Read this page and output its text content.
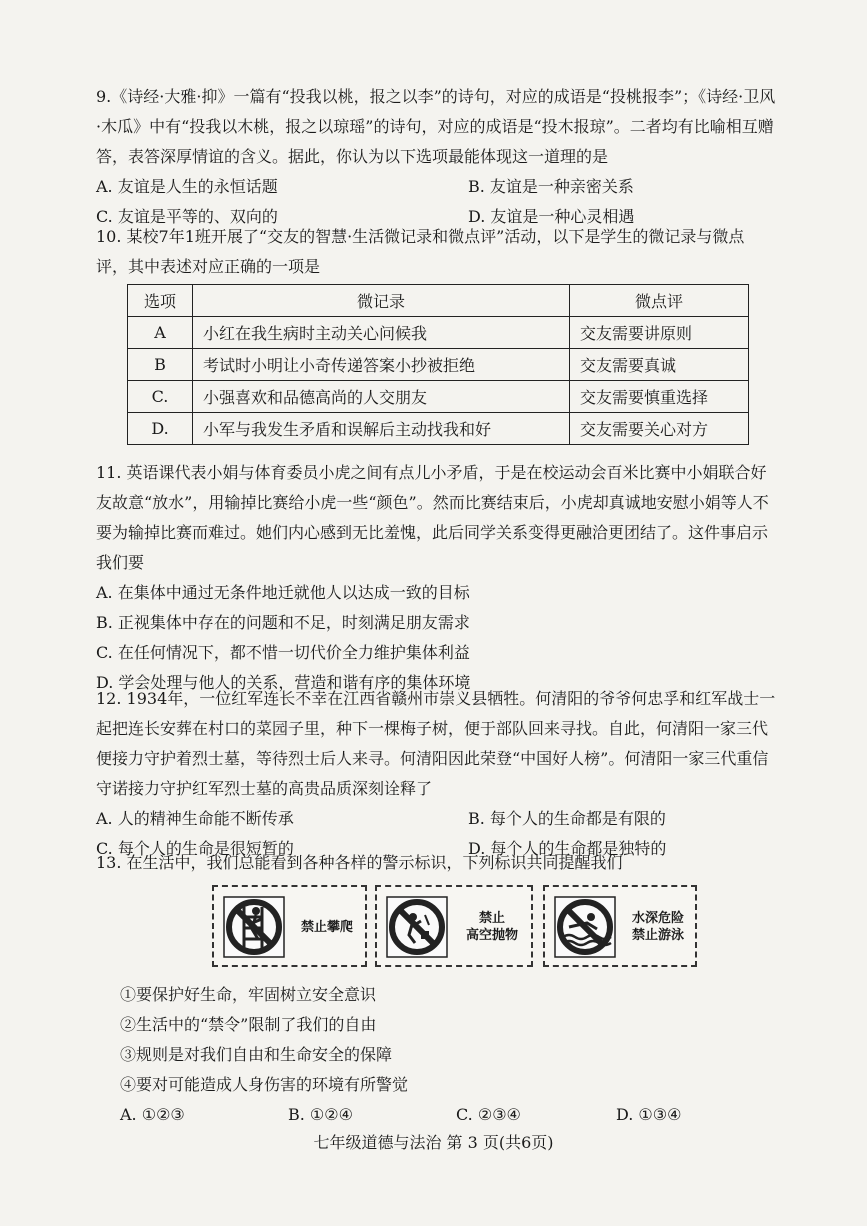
9.《诗经·大雅·抑》一篇有“投我以桃，报之以李”的诗句，对应的成语是“投桃报李”；《诗经·卫风·木瓜》中有“投我以木桃，报之以琼瑶”的诗句，对应的成语是“投木报琼”。二者均有比喻相互赠答，表答深厚情谊的含义。据此，你认为以下选项最能体现这一道理的是

A. 友谊是人生的永恒话题	B. 友谊是一种亲密关系
C. 友谊是平等的、双向的	D. 友谊是一种心灵相遇

10. 某校7年1班开展了“交友的智慧·生活微记录和微点评”活动，以下是学生的微记录与微点评，其中表述对应正确的一项是

选项	微记录	微点评
A	小红在我生病时主动关心问候我	交友需要讲原则
B	考试时小明让小奇传递答案小抄被拒绝	交友需要真诚
C.	小强喜欢和品德高尚的人交朋友	交友需要慎重选择
D.	小军与我发生矛盾和误解后主动找我和好	交友需要关心对方

11. 英语课代表小娟与体育委员小虎之间有点儿小矛盾，于是在校运动会百米比赛中小娟联合好友故意“放水”，用输掉比赛给小虎一些“颜色”。然而比赛结束后，小虎却真诚地安慰小娟等人不要为输掉比赛而难过。她们内心感到无比羞愧，此后同学关系变得更融洽更团结了。这件事启示我们要

A. 在集体中通过无条件地迁就他人以达成一致的目标
B. 正视集体中存在的问题和不足，时刻满足朋友需求
C. 在任何情况下，都不惜一切代价全力维护集体利益
D. 学会处理与他人的关系，营造和谐有序的集体环境

12. 1934年，一位红军连长不幸在江西省赣州市崇义县牺牲。何清阳的爷爷何忠孚和红军战士一起把连长安葬在村口的菜园子里，种下一棵梅子树，便于部队回来寻找。自此，何清阳一家三代便接力守护着烈士墓，等待烈士后人来寻。何清阳因此荣登“中国好人榜”。何清阳一家三代重信守诺接力守护红军烈士墓的高贵品质深刻诠释了

A. 人的精神生命能不断传承	B. 每个人的生命都是有限的
C. 每个人的生命是很短暂的	D. 每个人的生命都是独特的

13. 在生活中，我们总能看到各种各样的警示标识，下列标识共同提醒我们

禁止攀爬
禁止
高空抛物
水深危险
禁止游泳

①要保护好生命，牢固树立安全意识

②生活中的“禁令”限制了我们的自由

③规则是对我们自由和生命安全的保障

④要对可能造成人身伤害的环境有所警觉

A. ①②③	B. ①②④	C. ②③④	D. ①③④
七年级道德与法治 第 3 页(共6页)
